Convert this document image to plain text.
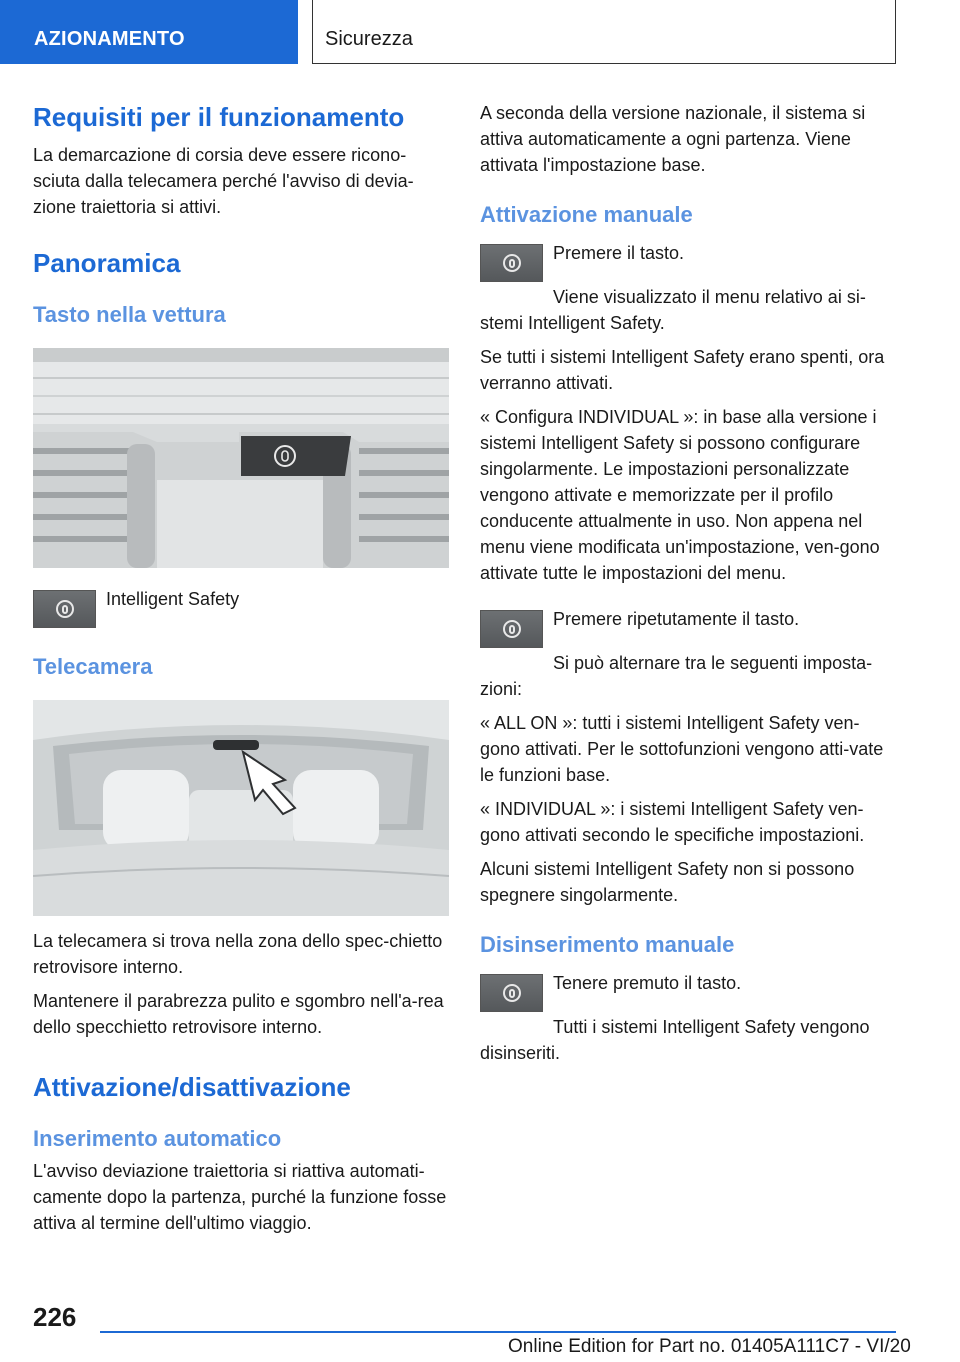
AZIONAMENTO	Sicurezza
Requisiti per il funzionamento

La demarcazione di corsia deve essere ricono-sciuta dalla telecamera perché l'avviso di devia-zione traiettoria si attivi.

Panoramica
Tasto nella vettura

Intelligent Safety

Telecamera

La telecamera si trova nella zona dello spec-chietto retrovisore interno.

Mantenere il parabrezza pulito e sgombro nell'a-rea dello specchietto retrovisore interno.

Attivazione/disattivazione
Inserimento automatico

L'avviso deviazione traiettoria si riattiva automati-camente dopo la partenza, purché la funzione fosse attiva al termine dell'ultimo viaggio.

A seconda della versione nazionale, il sistema si attiva automaticamente a ogni partenza. Viene attivata l'impostazione base.

Attivazione manuale

Premere il tasto.

Viene visualizzato il menu relativo ai si-stemi Intelligent Safety.

Se tutti i sistemi Intelligent Safety erano spenti, ora verranno attivati.

« Configura INDIVIDUAL »: in base alla versione i sistemi Intelligent Safety si possono configurare singolarmente. Le impostazioni personalizzate vengono attivate e memorizzate per il profilo conducente attualmente in uso. Non appena nel menu viene modificata un'impostazione, ven-gono attivate tutte le impostazioni del menu.

Premere ripetutamente il tasto.

Si può alternare tra le seguenti imposta-zioni:

« ALL ON »: tutti i sistemi Intelligent Safety ven-gono attivati. Per le sottofunzioni vengono atti-vate le funzioni base.

« INDIVIDUAL »: i sistemi Intelligent Safety ven-gono attivati secondo le specifiche impostazioni.

Alcuni sistemi Intelligent Safety non si possono spegnere singolarmente.

Disinserimento manuale

Tenere premuto il tasto.

Tutti i sistemi Intelligent Safety vengono disinseriti.

226
Online Edition for Part no. 01405A111C7 - VI/20
